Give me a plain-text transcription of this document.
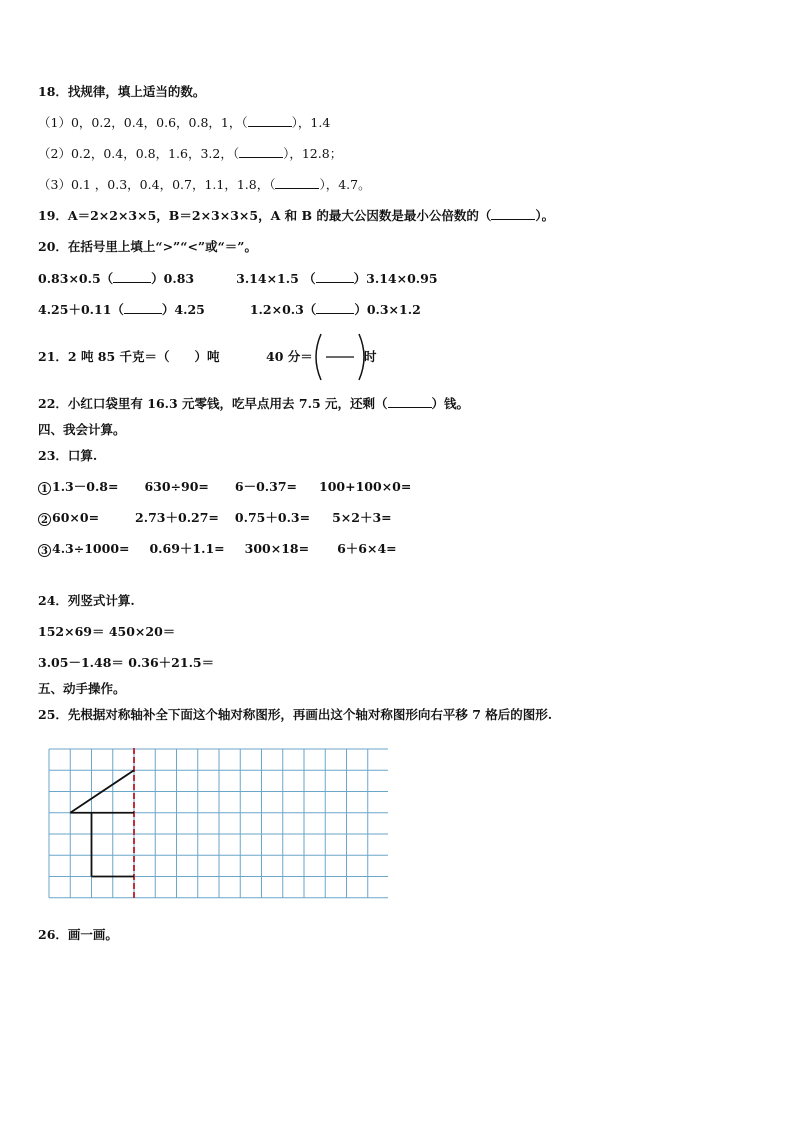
18．找规律，填上适当的数。
（1）0，0.2，0.4，0.6，0.8，1，（	），1.4
（2）0.2，0.4，0.8，1.6，3.2，（	），12.8；
（3）0.1 ，0.3，0.4，0.7，1.1，1.8，（	），4.7。
19．A＝2×2×3×5，B＝2×3×3×5，A 和 B 的最大公因数是最小公倍数的（	）。
20．在括号里上填上“>”“<”或“＝”。
0.83×0.5（	）0.83	3.14×1.5 （	）3.14×0.95
4.25＋0.11（	）4.25	1.2×0.3（	）0.3×1.2
21．2 吨 85 千克＝（　　）吨	40 分＝	时
22．小红口袋里有 16.3 元零钱，吃早点用去 7.5 元，还剩（	）钱。
四、我会计算。
23．口算.
1 1.3－0.8= 630÷90= 6－0.37= 100+100×0=
2 60×0=	2.73＋0.27= 0.75＋0.3= 5×2＋3=
3 4.3÷1000= 0.69＋1.1= 300×18= 6＋6×4=
24．列竖式计算.
152×69＝ 450×20＝
3.05－1.48＝ 0.36＋21.5＝
五、动手操作。
25．先根据对称轴补全下面这个轴对称图形，再画出这个轴对称图形向右平移 7 格后的图形.
26．画一画。
